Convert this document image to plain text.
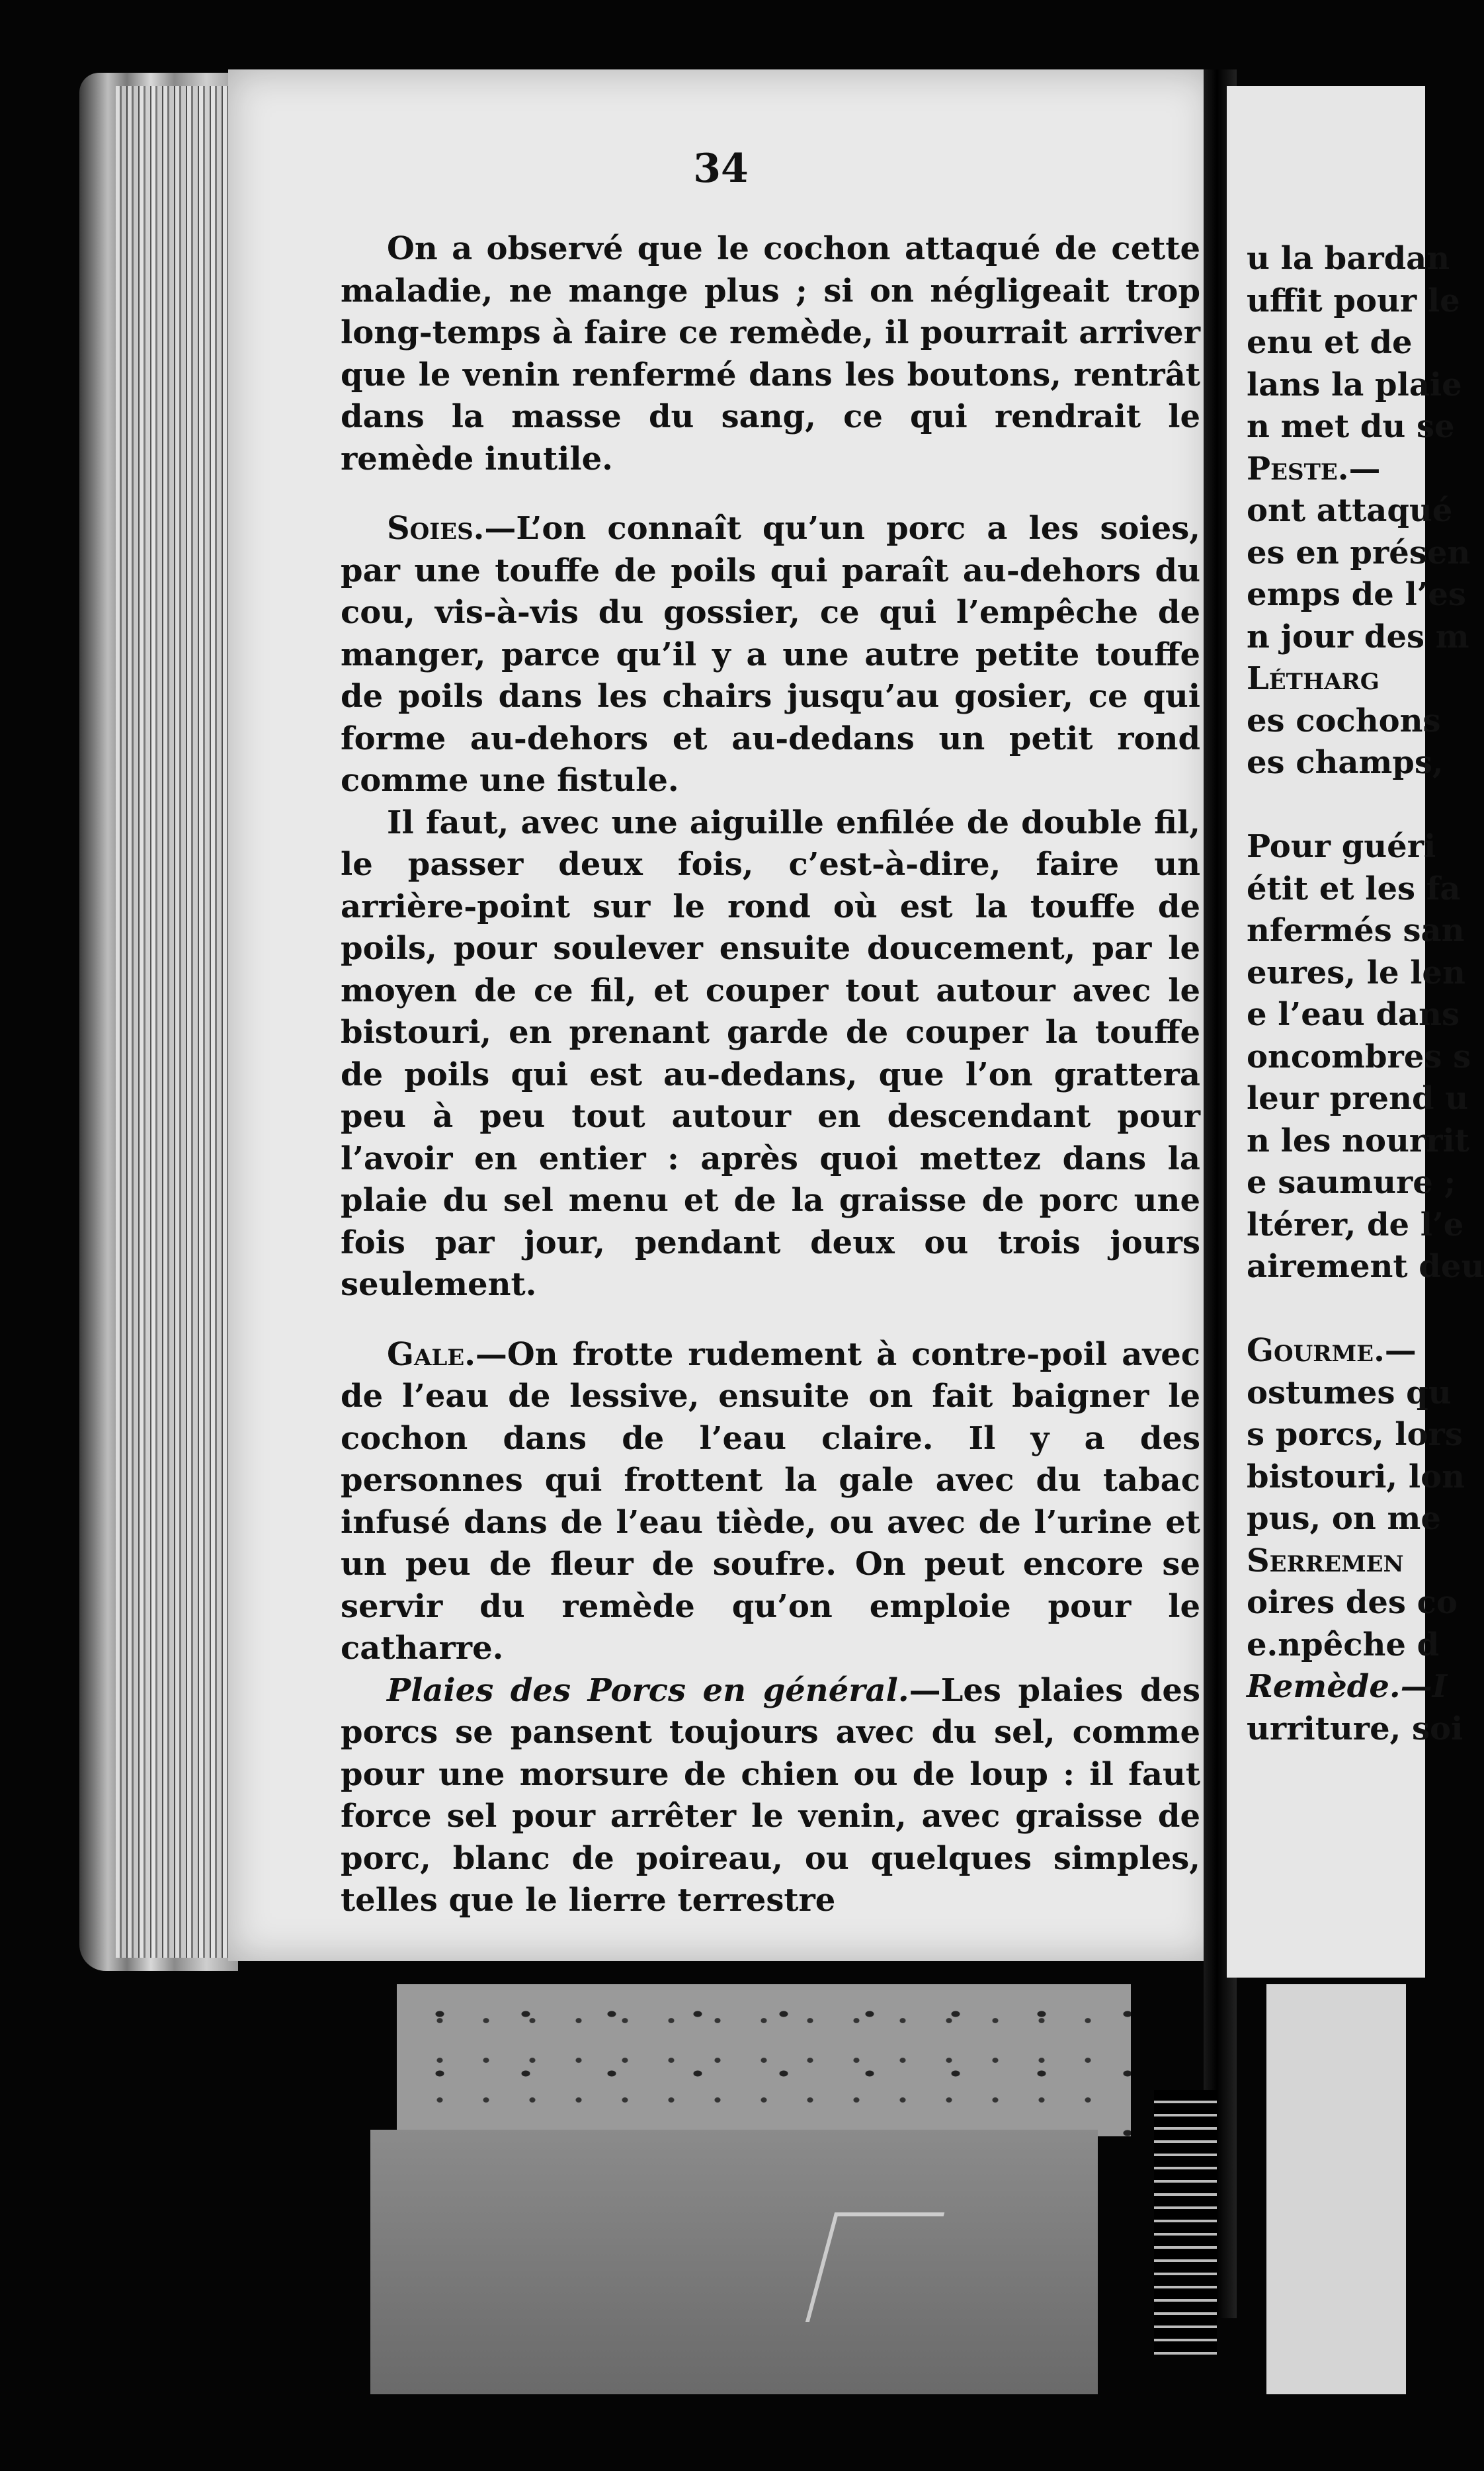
34

On a observé que le cochon attaqué de cette maladie, ne mange plus ; si on négligeait trop long-temps à faire ce remède, il pourrait arriver que le venin renfermé dans les boutons, rentrât dans la masse du sang, ce qui rendrait le remède inutile.

Soies.—L’on connaît qu’un porc a les soies, par une touffe de poils qui paraît au-dehors du cou, vis-à-vis du gossier, ce qui l’empêche de manger, parce qu’il y a une autre petite touffe de poils dans les chairs jusqu’au gosier, ce qui forme au-dehors et au-dedans un petit rond comme une fistule.

Il faut, avec une aiguille enfilée de double fil, le passer deux fois, c’est-à-dire, faire un arrière-point sur le rond où est la touffe de poils, pour soulever ensuite doucement, par le moyen de ce fil, et couper tout autour avec le bistouri, en prenant garde de couper la touffe de poils qui est au-dedans, que l’on grattera peu à peu tout autour en descendant pour l’avoir en entier : après quoi mettez dans la plaie du sel menu et de la graisse de porc une fois par jour, pendant deux ou trois jours seulement.

Gale.—On frotte rudement à contre-poil avec de l’eau de lessive, ensuite on fait baigner le cochon dans de l’eau claire. Il y a des personnes qui frottent la gale avec du tabac infusé dans de l’eau tiède, ou avec de l’urine et un peu de fleur de soufre. On peut encore se servir du remède qu’on emploie pour le catharre.

Plaies des Porcs en général.—Les plaies des porcs se pansent toujours avec du sel, comme pour une morsure de chien ou de loup : il faut force sel pour arrêter le venin, avec graisse de porc, blanc de poireau, ou quelques simples, telles que le lierre terrestre

u la bardan
uffit pour le
enu et de
lans la plaie
n met du se
Peste.—
ont attaqué
es en présen
emps de l’es
n jour des m
Létharg
es cochons
es champs,
Pour guéri
étit et les fa
nfermés san
eures, le len
e l’eau dans
oncombres s
leur prend u
n les nourrit
e saumure ;
ltérer, de l’e
airement deu
Gourme.—
ostumes qu
s porcs, lors
bistouri, lon
pus, on me
Serremen
oires des co
e.npêche d
Remède.—I
urriture, soi
